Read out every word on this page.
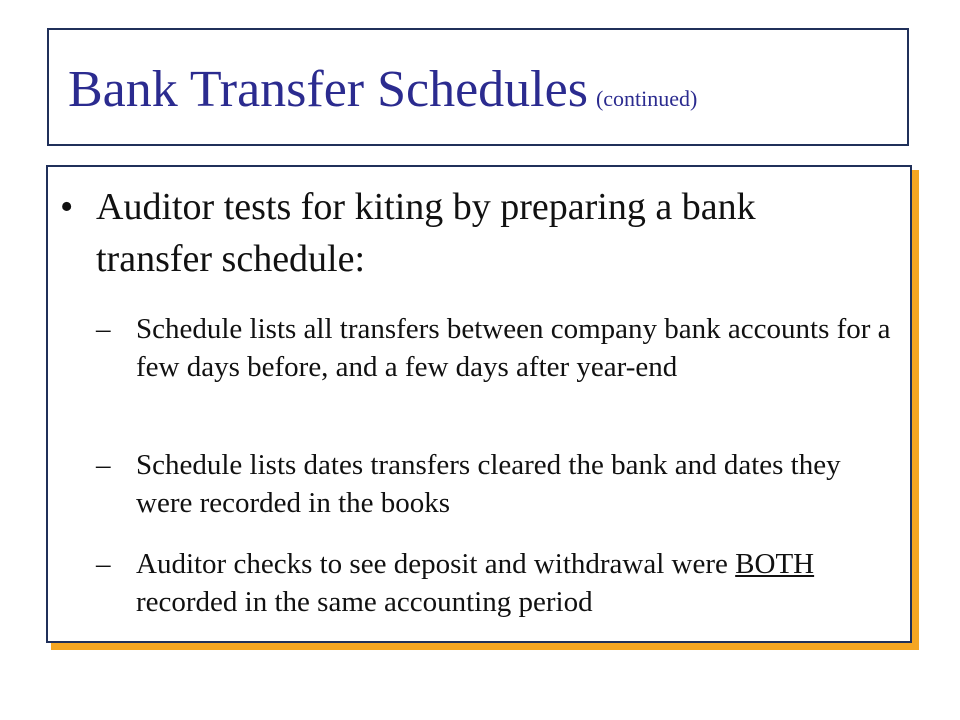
Bank Transfer Schedules (continued)
• Auditor tests for kiting by preparing a bank transfer schedule:
– Schedule lists all transfers between company bank accounts for a few days before, and a few days after year-end
– Schedule lists dates transfers cleared the bank and dates they were recorded in the books
– Auditor checks to see deposit and withdrawal were BOTH recorded in the same accounting period
